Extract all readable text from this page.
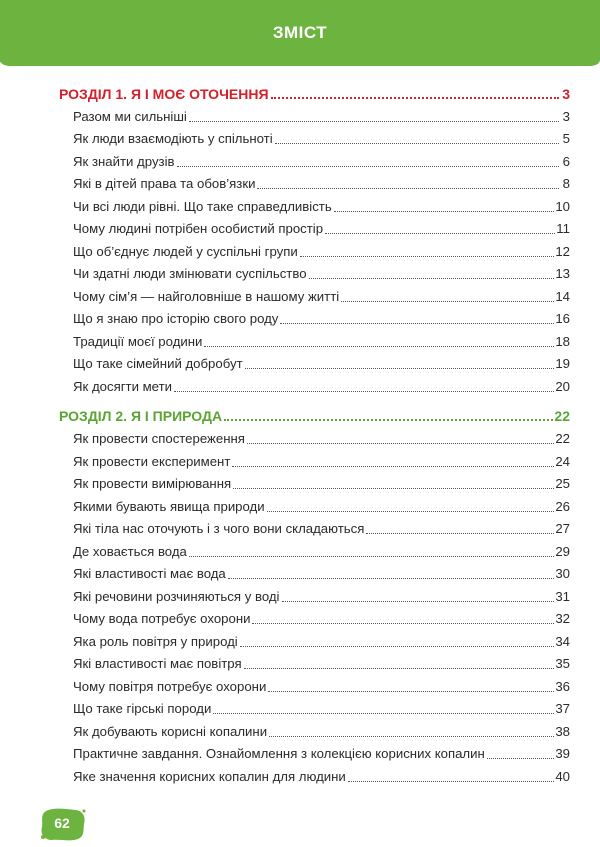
ЗМІСТ
РОЗДІЛ 1. Я І МОЄ ОТОЧЕННЯ	3
Разом ми сильніші	3
Як люди взаємодіють у спільноті	5
Як знайти друзів	6
Які в дітей права та обов’язки	8
Чи всі люди рівні. Що таке справедливість	10
Чому людині потрібен особистий простір	11
Що об’єднує людей у суспільні групи	12
Чи здатні люди змінювати суспільство	13
Чому сім’я — найголовніше в нашому житті	14
Що я знаю про історію свого роду	16
Традиції моєї родини	18
Що таке сімейний добробут	19
Як досягти мети	20
РОЗДІЛ 2. Я І ПРИРОДА	22
Як провести спостереження	22
Як провести експеримент	24
Як провести вимірювання	25
Якими бувають явища природи	26
Які тіла нас оточують і з чого вони складаються	27
Де ховається вода	29
Які властивості має вода	30
Які речовини розчиняються у воді	31
Чому вода потребує охорони	32
Яка роль повітря у природі	34
Які властивості має повітря	35
Чому повітря потребує охорони	36
Що таке гірські породи	37
Як добувають корисні копалини	38
Практичне завдання. Ознайомлення з колекцією корисних копалин	39
Яке значення корисних копалин для людини	40
62
